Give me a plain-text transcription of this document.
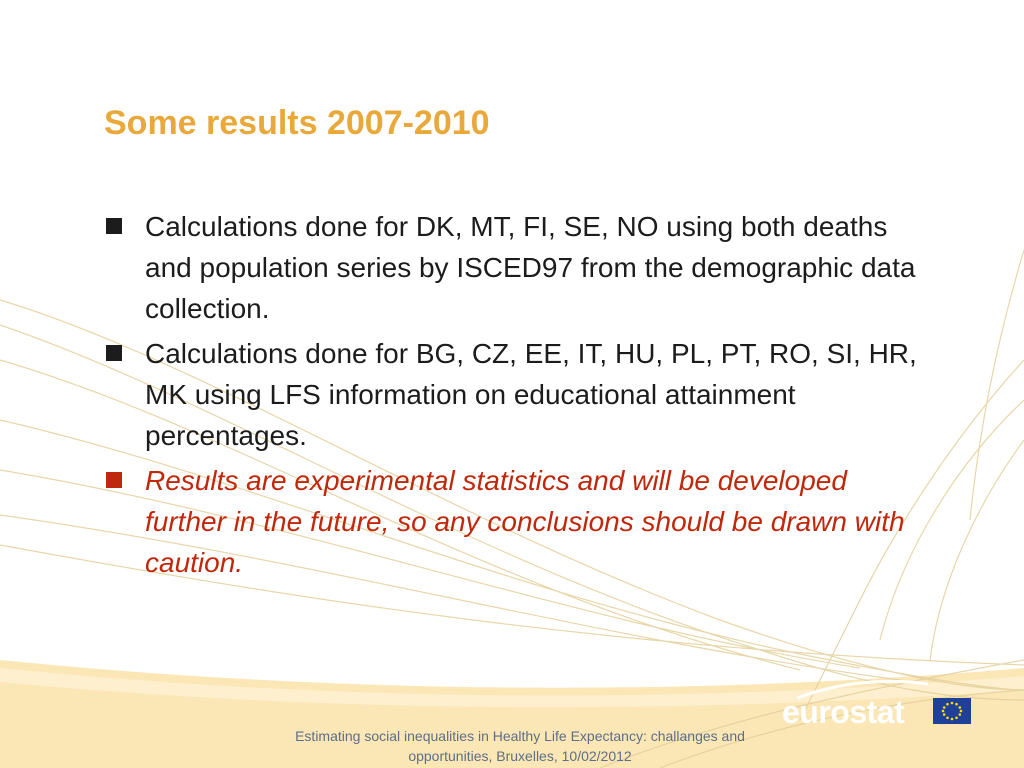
Some results 2007-2010
Calculations done for DK, MT, FI, SE, NO using both deaths and population series by ISCED97 from the demographic data collection.
Calculations done for BG, CZ, EE, IT, HU, PL, PT, RO, SI, HR, MK using LFS information on educational attainment percentages.
Results are experimental statistics and will be developed further in the future, so any conclusions should be drawn with caution.
eurostat
Estimating social inequalities in Healthy Life Expectancy: challanges and
opportunities, Bruxelles, 10/02/2012
